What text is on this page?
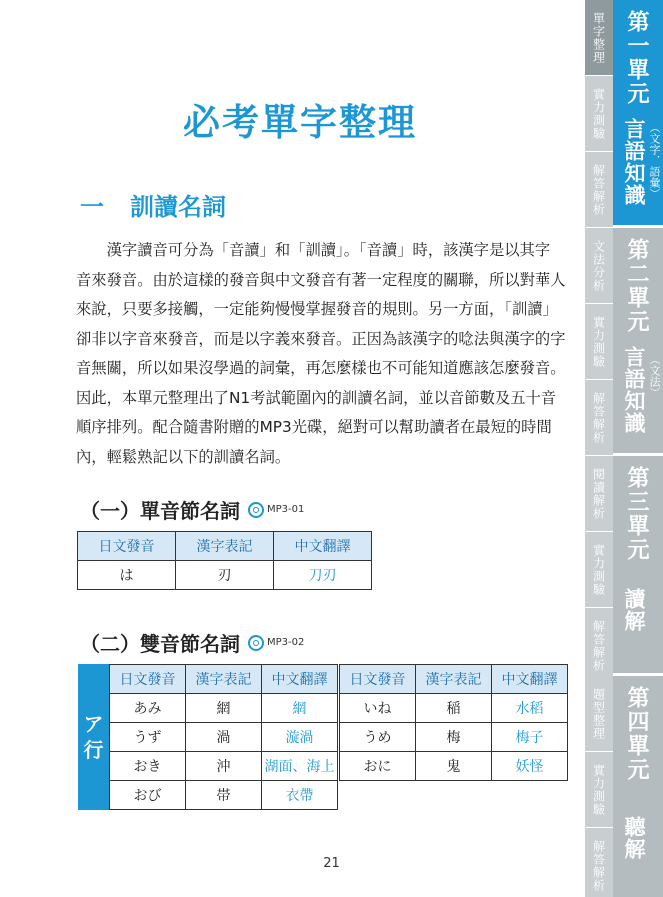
必考單字整理
一 訓讀名詞
　　漢字讀音可分為「音讀」和「訓讀」。「音讀」時，該漢字是以其字
音來發音。由於這樣的發音與中文發音有著一定程度的關聯，所以對華人
來說，只要多接觸，一定能夠慢慢掌握發音的規則。另一方面，「訓讀」
卻非以字音來發音，而是以字義來發音。正因為該漢字的唸法與漢字的字
音無關，所以如果沒學過的詞彙，再怎麼樣也不可能知道應該怎麼發音。
因此，本單元整理出了N1考試範圍內的訓讀名詞，並以音節數及五十音
順序排列。配合隨書附贈的MP3光碟，絕對可以幫助讀者在最短的時間
內，輕鬆熟記以下的訓讀名詞。
（一）單音節名詞	MP3-01
日文發音	漢字表記	中文翻譯
は	刃	刀刃
（二）雙音節名詞	MP3-02
ア
行
日文發音	漢字表記	中文翻譯
あみ	網	網
うず	渦	漩渦
おき	沖	湖面、海上
おび	帯	衣帶
日文發音	漢字表記	中文翻譯
いね	稲	水稻
うめ	梅	梅子
おに	鬼	妖怪
21
單字整理
實力測驗
解答解析
第一單元
言語知識 （文字．語彙）
文法分析
實力測驗
解答解析
第二單元
言語知識 （文法）
閱讀解析
實力測驗
解答解析
第三單元
讀解
題型整理
實力測驗
解答解析
第四單元
聽解
